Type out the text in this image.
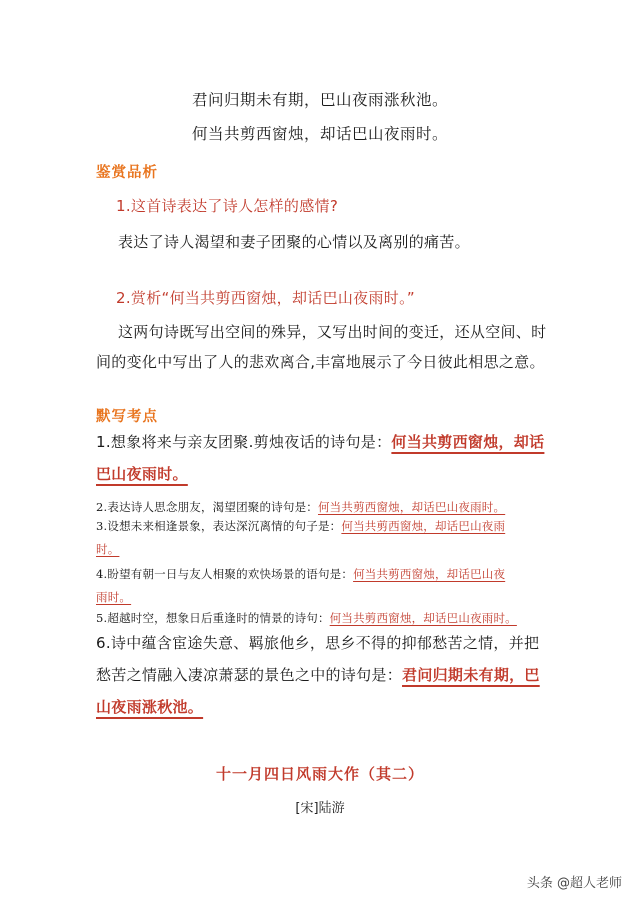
君问归期未有期，巴山夜雨涨秋池。
何当共剪西窗烛，却话巴山夜雨时。
鉴赏品析
1.这首诗表达了诗人怎样的感情?
表达了诗人渴望和妻子团聚的心情以及离别的痛苦。
2.赏析“何当共剪西窗烛，却话巴山夜雨时。”
这两句诗既写出空间的殊异，又写出时间的变迁，还从空间、时
间的变化中写出了人的悲欢离合,丰富地展示了今日彼此相思之意。
默写考点
1.想象将来与亲友团聚.剪烛夜话的诗句是：何当共剪西窗烛，却话
巴山夜雨时。
2.表达诗人思念朋友，渴望团聚的诗句是：何当共剪西窗烛，却话巴山夜雨时。
3.设想未来相逢景象，表达深沉离情的句子是：何当共剪西窗烛，却话巴山夜雨
时。
4.盼望有朝一日与友人相聚的欢快场景的语句是：何当共剪西窗烛，却话巴山夜
雨时。
5.超越时空，想象日后重逢时的情景的诗句：何当共剪西窗烛，却话巴山夜雨时。
6.诗中蕴含宦途失意、羁旅他乡，思乡不得的抑郁愁苦之情，并把
愁苦之情融入凄凉萧瑟的景色之中的诗句是：君问归期未有期，巴
山夜雨涨秋池。
十一月四日风雨大作（其二）
[宋]陆游
头条 @超人老师
